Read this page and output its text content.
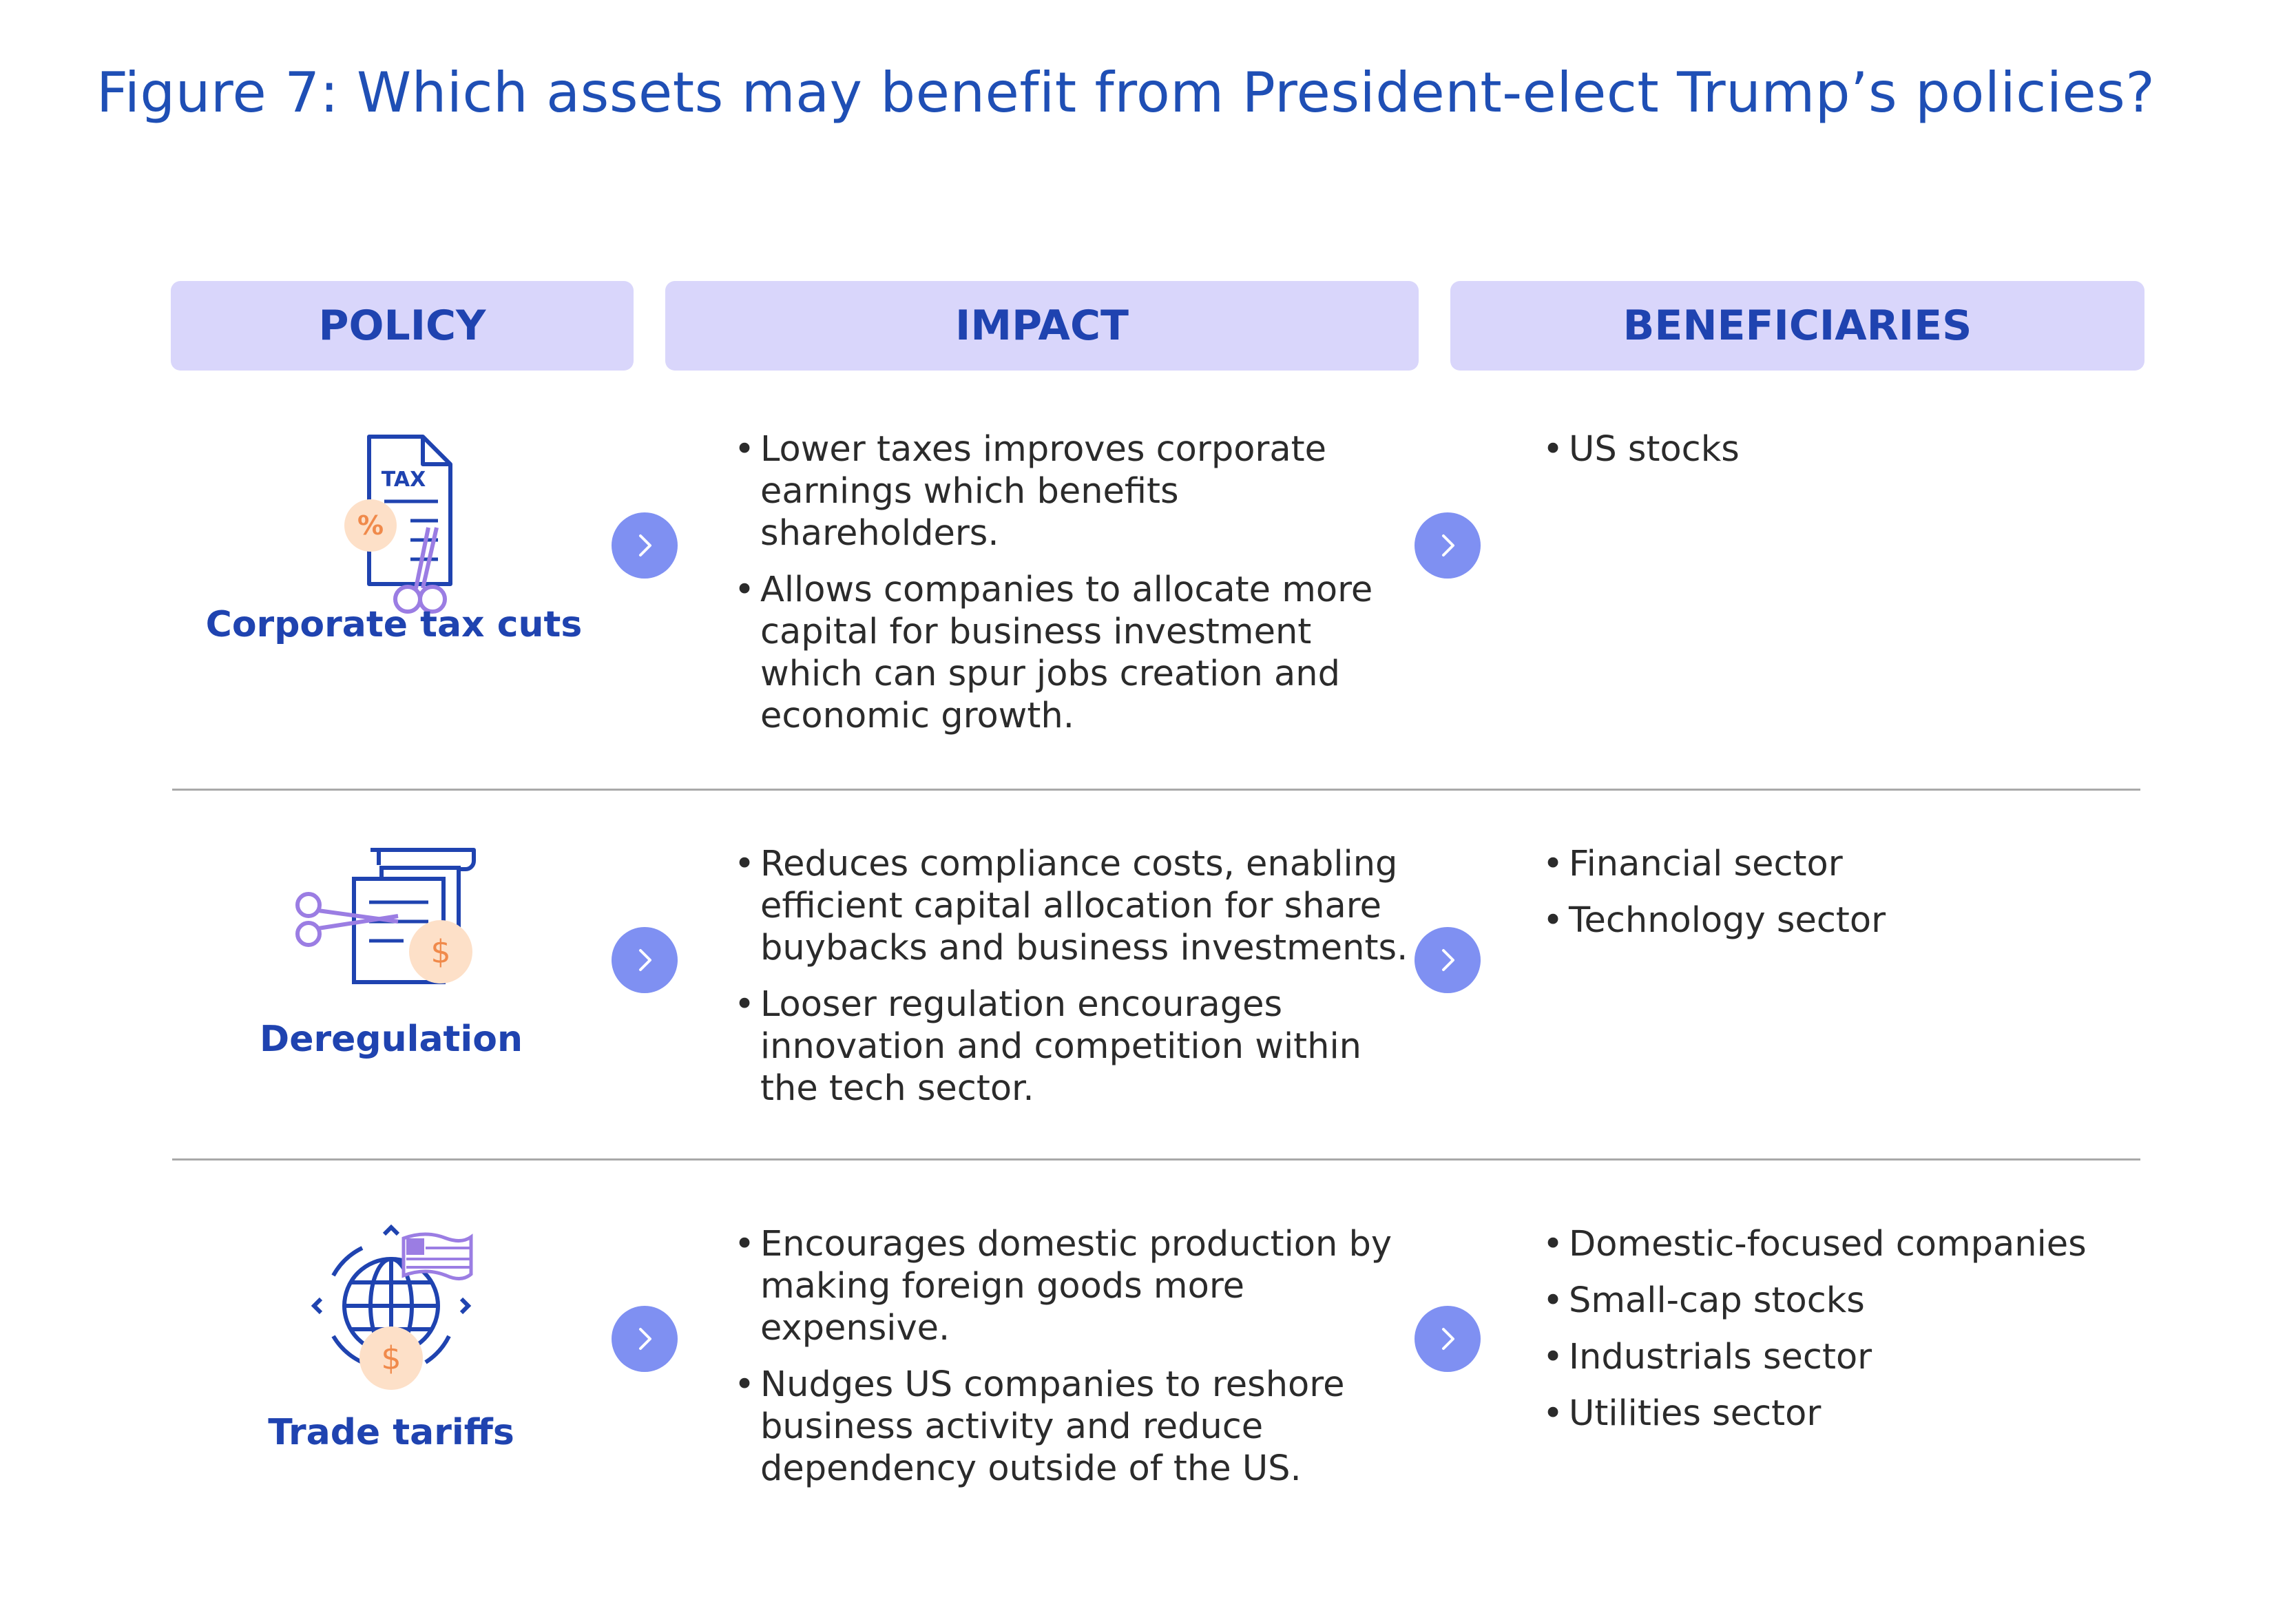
Figure 7: Which assets may benefit from President-elect Trump’s policies?
POLICY	IMPACT	BENEFICIARIES
TAX
%
Corporate tax cuts
• Lower taxes improves corporate earnings which benefits shareholders.
• Allows companies to allocate more capital for business investment which can spur jobs creation and economic growth.
• US stocks
$
Deregulation
• Reduces compliance costs, enabling efficient capital allocation for share buybacks and business investments.
• Looser regulation encourages innovation and competition within the tech sector.
• Financial sector
• Technology sector
$
Trade tariffs
• Encourages domestic production by making foreign goods more expensive.
• Nudges US companies to reshore business activity and reduce dependency outside of the US.
• Domestic-focused companies
• Small-cap stocks
• Industrials sector
• Utilities sector
